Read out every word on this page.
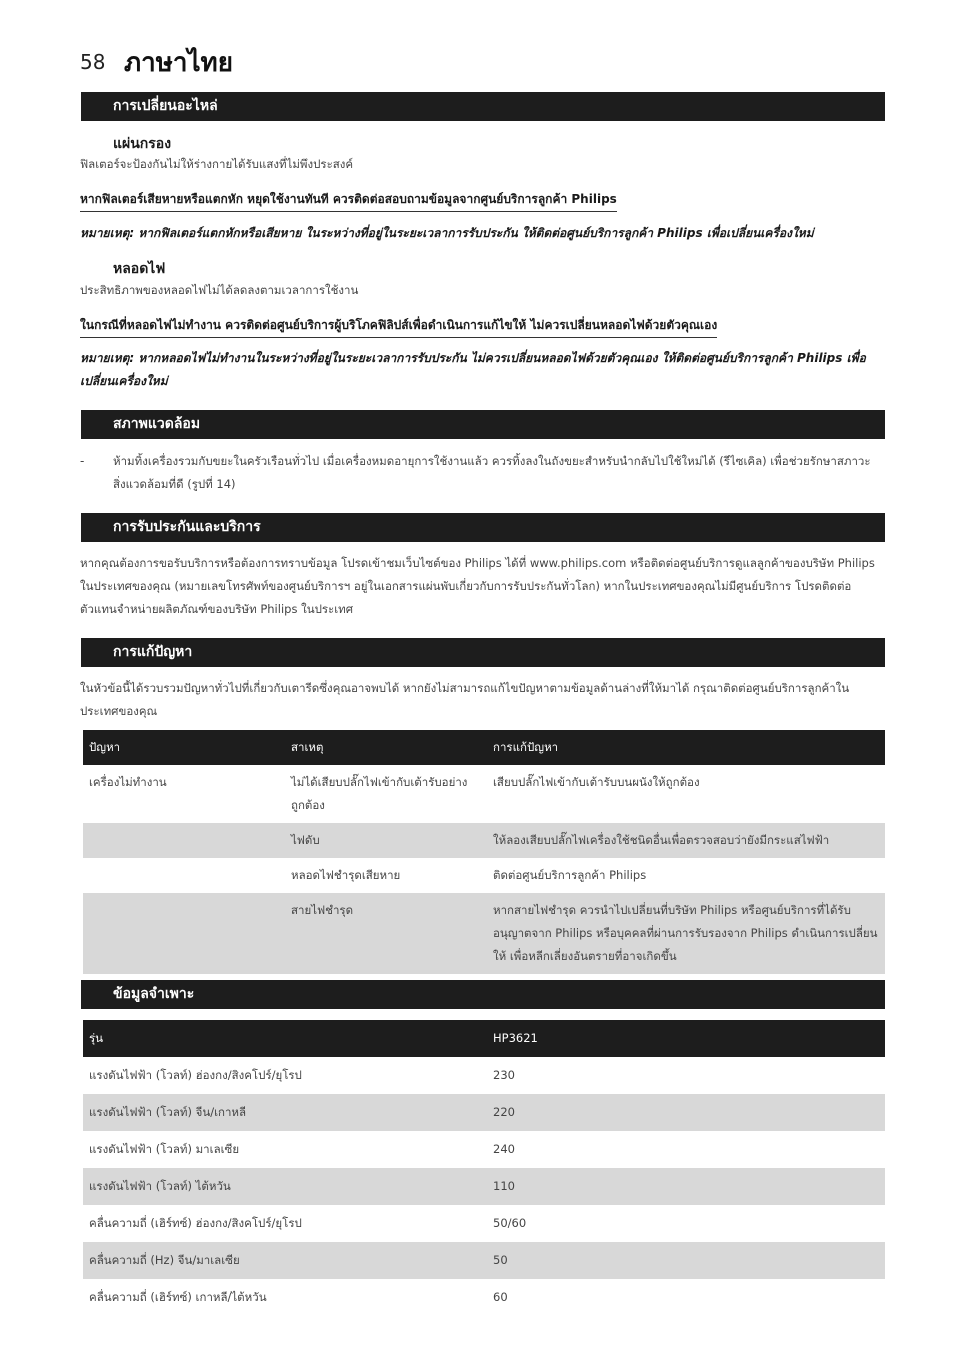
58 ภาษาไทย
การเปลี่ยนอะไหล่
แผ่นกรอง
ฟิลเตอร์จะป้องกันไม่ให้ร่างกายได้รับแสงที่ไม่พึงประสงค์
หากฟิลเตอร์เสียหายหรือแตกหัก หยุดใช้งานทันที ควรติดต่อสอบถามข้อมูลจากศูนย์บริการลูกค้า Philips
หมายเหตุ: หากฟิลเตอร์แตกหักหรือเสียหาย ในระหว่างที่อยู่ในระยะเวลาการรับประกัน ให้ติดต่อศูนย์บริการลูกค้า Philips เพื่อเปลี่ยนเครื่องใหม่
หลอดไฟ
ประสิทธิภาพของหลอดไฟไม่ได้ลดลงตามเวลาการใช้งาน
ในกรณีที่หลอดไฟไม่ทำงาน ควรติดต่อศูนย์บริการผู้บริโภคฟิลิปส์เพื่อดำเนินการแก้ไขให้ ไม่ควรเปลี่ยนหลอดไฟด้วยตัวคุณเอง
หมายเหตุ: หากหลอดไฟไม่ทำงานในระหว่างที่อยู่ในระยะเวลาการรับประกัน ไม่ควรเปลี่ยนหลอดไฟด้วยตัวคุณเอง ให้ติดต่อศูนย์บริการลูกค้า Philips เพื่อเปลี่ยนเครื่องใหม่
สภาพแวดล้อม
- ห้ามทิ้งเครื่องรวมกับขยะในครัวเรือนทั่วไป เมื่อเครื่องหมดอายุการใช้งานแล้ว ควรทิ้งลงในถังขยะสำหรับนำกลับไปใช้ใหม่ได้ (รีไซเคิล) เพื่อช่วยรักษาสภาวะสิ่งแวดล้อมที่ดี (รูปที่ 14)
การรับประกันและบริการ
หากคุณต้องการขอรับบริการหรือต้องการทราบข้อมูล โปรดเข้าชมเว็บไซต์ของ Philips ได้ที่ www.philips.com หรือติดต่อศูนย์บริการดูแลลูกค้าของบริษัท Philips ในประเทศของคุณ (หมายเลขโทรศัพท์ของศูนย์บริการฯ อยู่ในเอกสารแผ่นพับเกี่ยวกับการรับประกันทั่วโลก) หากในประเทศของคุณไม่มีศูนย์บริการ โปรดติดต่อตัวแทนจำหน่ายผลิตภัณฑ์ของบริษัท Philips ในประเทศ
การแก้ปัญหา
ในหัวข้อนี้ได้รวบรวมปัญหาทั่วไปที่เกี่ยวกับเตารีดซึ่งคุณอาจพบได้ หากยังไม่สามารถแก้ไขปัญหาตามข้อมูลด้านล่างที่ให้มาได้ กรุณาติดต่อศูนย์บริการลูกค้าในประเทศของคุณ
ปัญหา	สาเหตุ	การแก้ปัญหา
เครื่องไม่ทำงาน	ไม่ได้เสียบปลั๊กไฟเข้ากับเต้ารับอย่างถูกต้อง	เสียบปลั๊กไฟเข้ากับเต้ารับบนผนังให้ถูกต้อง
	ไฟดับ	ให้ลองเสียบปลั๊กไฟเครื่องใช้ชนิดอื่นเพื่อตรวจสอบว่ายังมีกระแสไฟฟ้า
	หลอดไฟชำรุดเสียหาย	ติดต่อศูนย์บริการลูกค้า Philips
	สายไฟชำรุด	หากสายไฟชำรุด ควรนำไปเปลี่ยนที่บริษัท Philips หรือศูนย์บริการที่ได้รับอนุญาตจาก Philips หรือบุคคลที่ผ่านการรับรองจาก Philips ดำเนินการเปลี่ยนให้ เพื่อหลีกเลี่ยงอันตรายที่อาจเกิดขึ้น
ข้อมูลจำเพาะ
รุ่น	HP3621
แรงดันไฟฟ้า (โวลท์) ฮ่องกง/สิงคโปร์/ยุโรป	230
แรงดันไฟฟ้า (โวลท์) จีน/เกาหลี	220
แรงดันไฟฟ้า (โวลท์) มาเลเซีย	240
แรงดันไฟฟ้า (โวลท์) ไต้หวัน	110
คลื่นความถี่ (เฮิร์ทซ์) ฮ่องกง/สิงคโปร์/ยุโรป	50/60
คลื่นความถี่ (Hz) จีน/มาเลเซีย	50
คลื่นความถี่ (เฮิร์ทซ์) เกาหลี/ไต้หวัน	60
